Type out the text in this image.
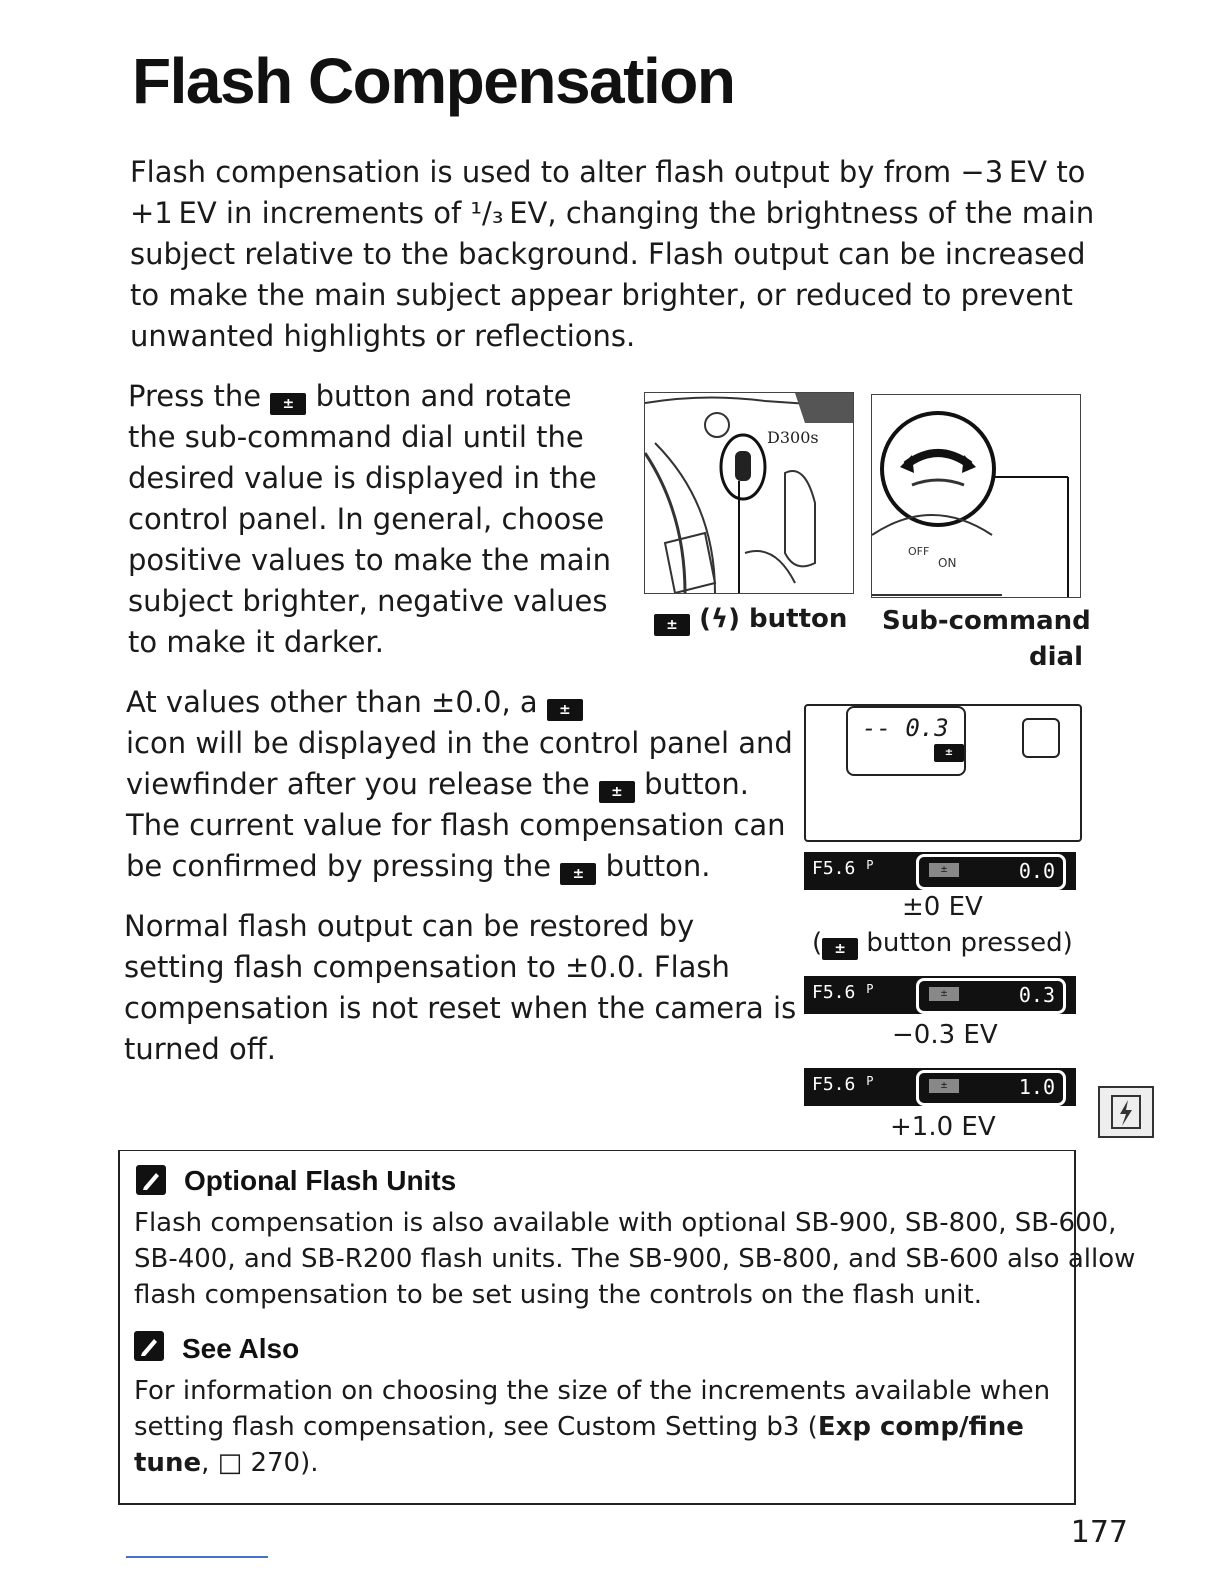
Flash Compensation
Flash compensation is used to alter flash output by from −3 EV to
+1 EV in increments of ¹/₃ EV, changing the brightness of the main
subject relative to the background. Flash output can be increased
to make the main subject appear brighter, or reduced to prevent
unwanted highlights or reflections.
Press the ± button and rotate
the sub-command dial until the
desired value is displayed in the
control panel. In general, choose
positive values to make the main
subject brighter, negative values
to make it darker.
D300s
ON
OFF
± (ϟ) button Sub-command
dial
At values other than ±0.0, a ±
icon will be displayed in the control panel and
viewfinder after you release the ± button.
The current value for flash compensation can
be confirmed by pressing the ± button.
-- 0.3
±
F5.6 $^P$	±	0.0
±0 EV
( ± button pressed)
F5.6 $^P$	±	0.3
−0.3 EV
F5.6 $^P$	±	1.0
+1.0 EV
Normal flash output can be restored by
setting flash compensation to ±0.0. Flash
compensation is not reset when the camera is
turned off.
Optional Flash Units
Flash compensation is also available with optional SB-900, SB-800, SB-600,
SB-400, and SB-R200 flash units. The SB-900, SB-800, and SB-600 also allow
flash compensation to be set using the controls on the flash unit.
See Also
For information on choosing the size of the increments available when
setting flash compensation, see Custom Setting b3 (Exp comp/fine
tune, □ 270).
177
